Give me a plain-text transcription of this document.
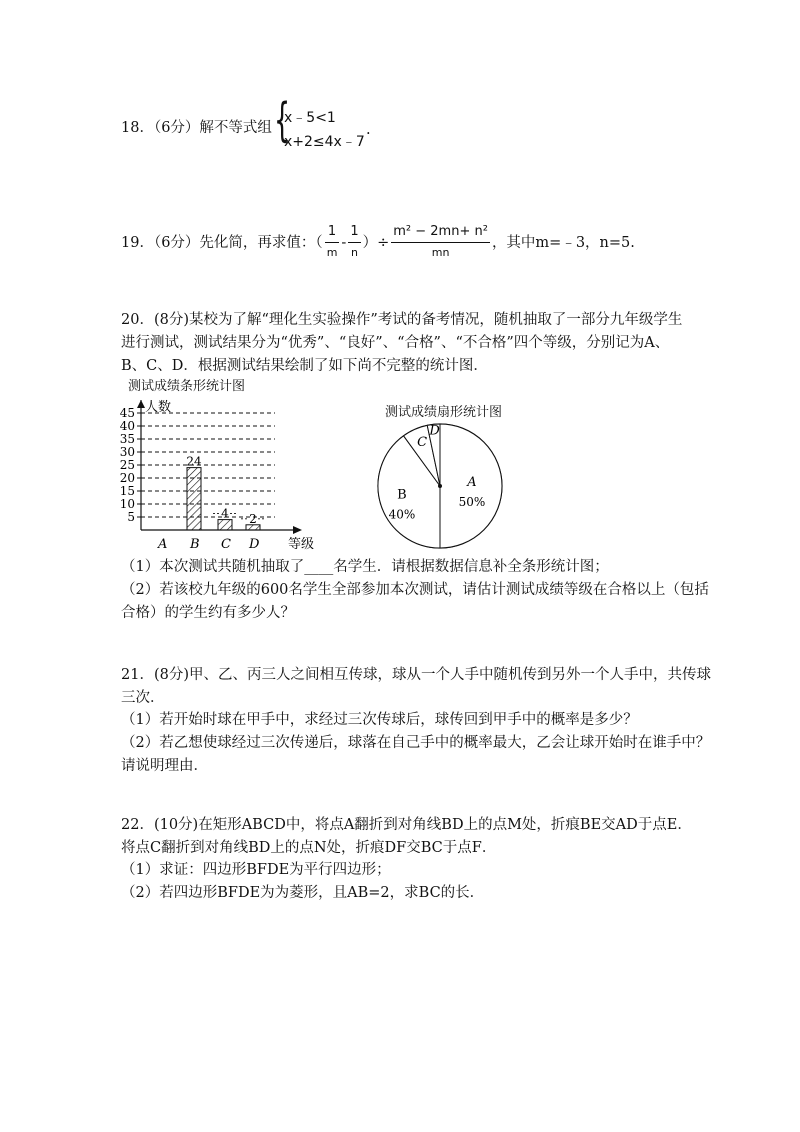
18．（6分）解不等式组 {
x﹣5<1
x+2≤4x﹣7
.
19．（6分）先化简，再求值：（ $\frac{1}{m} - \frac{1}{n}$ ）÷ $\frac{\text{m² − 2mn+ n²}}{mn}$ ，其中m=﹣3，n=5.
20．(8分)某校为了解“理化生实验操作”考试的备考情况，随机抽取了一部分九年级学生
进行测试，测试结果分为“优秀”、“良好”、“合格”、“不合格”四个等级，分别记为A、
B、C、D．根据测试结果绘制了如下尚不完整的统计图．
测试成绩条形统计图
5
10
15
20
25
30
35
40
45 人数
等级
A
24
B
4
C
2
D
测试成绩扇形统计图
A
50%
B
40%
C
D
（1）本次测试共随机抽取了____名学生．请根据数据信息补全条形统计图；
（2）若该校九年级的600名学生全部参加本次测试，请估计测试成绩等级在合格以上（包括
合格）的学生约有多少人？
21．(8分)甲、乙、丙三人之间相互传球，球从一个人手中随机传到另外一个人手中，共传球
三次．
（1）若开始时球在甲手中，求经过三次传球后，球传回到甲手中的概率是多少？
（2）若乙想使球经过三次传递后，球落在自己手中的概率最大，乙会让球开始时在谁手中？
请说明理由．
22．(10分)在矩形ABCD中，将点A翻折到对角线BD上的点M处，折痕BE交AD于点E．
将点C翻折到对角线BD上的点N处，折痕DF交BC于点F．
（1）求证：四边形BFDE为平行四边形；
（2）若四边形BFDE为为菱形，且AB=2，求BC的长．
